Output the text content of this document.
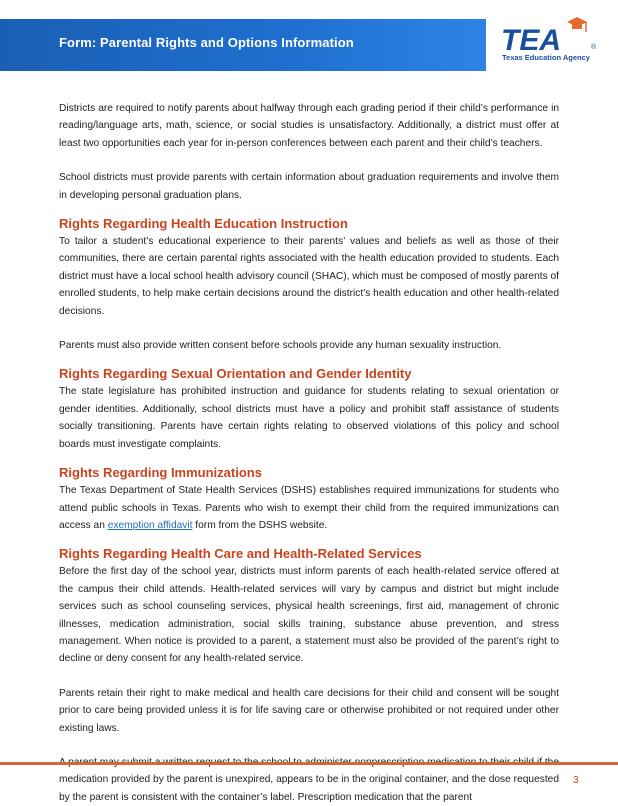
Form: Parental Rights and Options Information	TEA	®
Texas Education Agency

Districts are required to notify parents about halfway through each grading period if their child’s performance in reading/language arts, math, science, or social studies is unsatisfactory. Additionally, a district must offer at least two opportunities each year for in-person conferences between each parent and their child’s teachers.

School districts must provide parents with certain information about graduation requirements and involve them in developing personal graduation plans.

Rights Regarding Health Education Instruction

To tailor a student’s educational experience to their parents’ values and beliefs as well as those of their communities, there are certain parental rights associated with the health education provided to students. Each district must have a local school health advisory council (SHAC), which must be composed of mostly parents of enrolled students, to help make certain decisions around the district’s health education and other health-related decisions.

Parents must also provide written consent before schools provide any human sexuality instruction.

Rights Regarding Sexual Orientation and Gender Identity

The state legislature has prohibited instruction and guidance for students relating to sexual orientation or gender identities. Additionally, school districts must have a policy and prohibit staff assistance of students socially transitioning. Parents have certain rights relating to observed violations of this policy and school boards must investigate complaints.

Rights Regarding Immunizations

The Texas Department of State Health Services (DSHS) establishes required immunizations for students who attend public schools in Texas. Parents who wish to exempt their child from the required immunizations can access an exemption affidavit form from the DSHS website.

Rights Regarding Health Care and Health-Related Services

Before the first day of the school year, districts must inform parents of each health-related service offered at the campus their child attends. Health-related services will vary by campus and district but might include services such as school counseling services, physical health screenings, first aid, management of chronic illnesses, medication administration, social skills training, substance abuse prevention, and stress management. When notice is provided to a parent, a statement must also be provided of the parent’s right to decline or deny consent for any health-related service.

Parents retain their right to make medical and health care decisions for their child and consent will be sought prior to care being provided unless it is for life saving care or otherwise prohibited or not required under other existing laws.

medication provided by the parent is unexpired, appears to be in the original container, and the dose requested by the parent is consistent with the container’s label. Prescription medication that the parent

3
